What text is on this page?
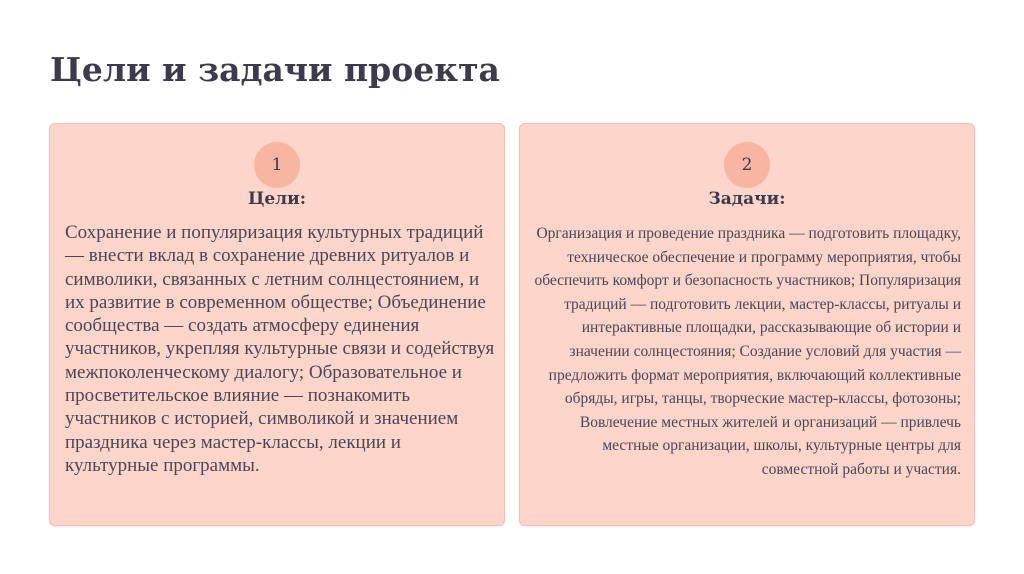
Цели и задачи проекта
1
Цели:

Сохранение и популяризация культурных традиций — внести вклад в сохранение древних ритуалов и символики, связанных с летним солнцестоянием, и их развитие в современном обществе; Объединение сообщества — создать атмосферу единения участников, укрепляя культурные связи и содействуя межпоколенческому диалогу; Образовательное и просветительское влияние — познакомить участников с историей, символикой и значением праздника через мастер-классы, лекции и культурные программы.

2
Задачи:

Организация и проведение праздника — подготовить площадку, техническое обеспечение и программу мероприятия, чтобы обеспечить комфорт и безопасность участников; Популяризация традиций — подготовить лекции, мастер-классы, ритуалы и интерактивные площадки, рассказывающие об истории и значении солнцестояния; Создание условий для участия — предложить формат мероприятия, включающий коллективные обряды, игры, танцы, творческие мастер-классы, фотозоны; Вовлечение местных жителей и организаций — привлечь местные организации, школы, культурные центры для совместной работы и участия.
